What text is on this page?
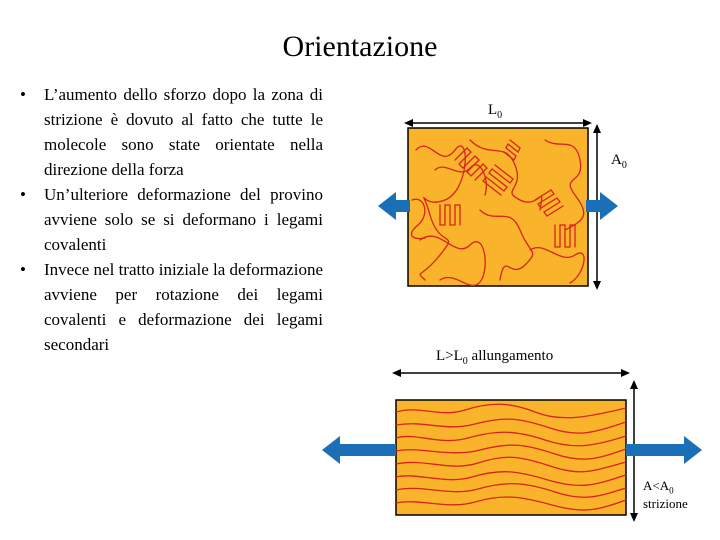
Orientazione
• L’aumento dello sforzo dopo la zona di strizione è dovuto al fatto che tutte le molecole sono state orientate nella direzione della forza
• Un’ulteriore deformazione del provino avviene solo se si deformano i legami covalenti
• Invece nel tratto iniziale la deformazione avviene per rotazione dei legami covalenti e deformazione dei legami secondari
$L_0$
$A_0$
$L>L_0$ allungamento
$A<A_0$
strizione
